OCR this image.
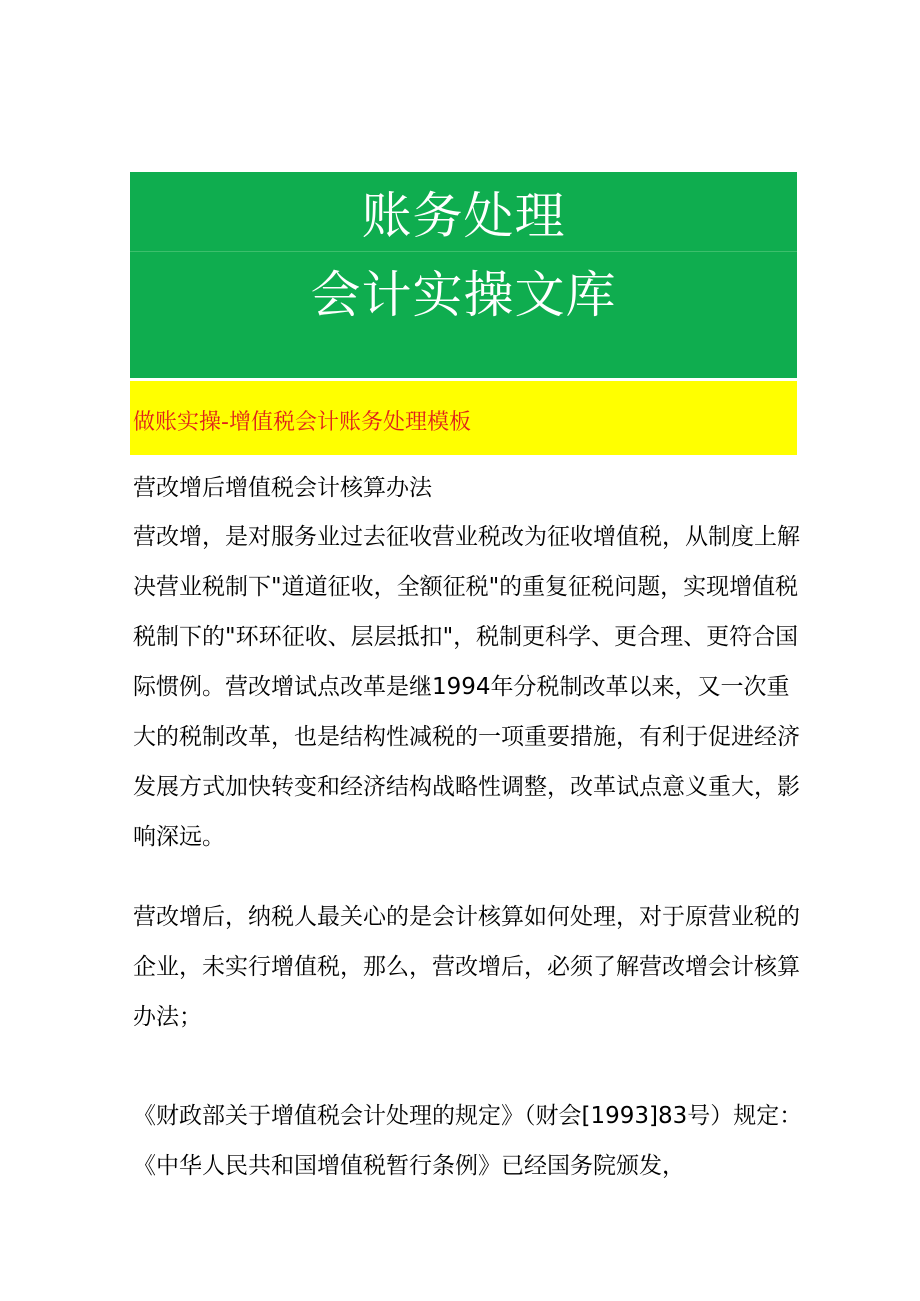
账务处理
会计实操文库
做账实操-增值税会计账务处理模板
营改增后增值税会计核算办法
营改增，是对服务业过去征收营业税改为征收增值税，从制度上解
决营业税制下"道道征收，全额征税"的重复征税问题，实现增值税
税制下的"环环征收、层层抵扣"，税制更科学、更合理、更符合国
际惯例。营改增试点改革是继1994年分税制改革以来，又一次重
大的税制改革，也是结构性减税的一项重要措施，有利于促进经济
发展方式加快转变和经济结构战略性调整，改革试点意义重大，影
响深远。
营改增后，纳税人最关心的是会计核算如何处理，对于原营业税的
企业，未实行增值税，那么，营改增后，必须了解营改增会计核算
办法；
《财政部关于增值税会计处理的规定》（财会[1993]83号）规定：
《中华人民共和国增值税暂行条例》已经国务院颁发，
